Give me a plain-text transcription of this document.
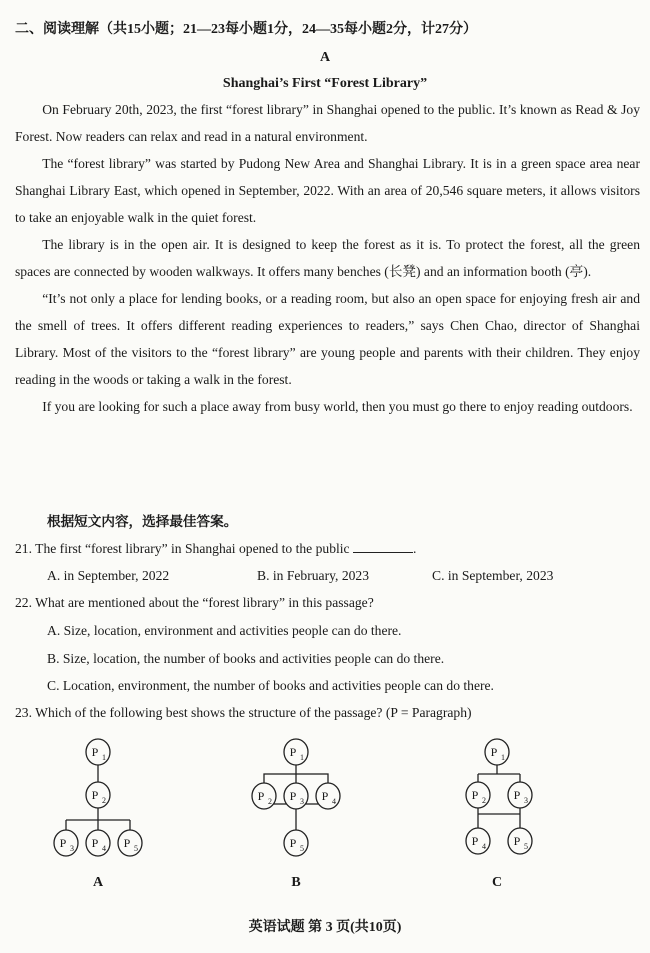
二、阅读理解（共15小题；21—23每小题1分，24—35每小题2分，计27分）
A
Shanghai’s First “Forest Library”

On February 20th, 2023, the first “forest library” in Shanghai opened to the public. It’s known as Read & Joy Forest. Now readers can relax and read in a natural environment.

The “forest library” was started by Pudong New Area and Shanghai Library. It is in a green space area near Shanghai Library East, which opened in September, 2022. With an area of 20,546 square meters, it allows visitors to take an enjoyable walk in the quiet forest.

The library is in the open air. It is designed to keep the forest as it is. To protect the forest, all the green spaces are connected by wooden walkways. It offers many benches (长凳) and an information booth (亭).

“It’s not only a place for lending books, or a reading room, but also an open space for enjoying fresh air and the smell of trees. It offers different reading experiences to readers,” says Chen Chao, director of Shanghai Library. Most of the visitors to the “forest library” are young people and parents with their children. They enjoy reading in the woods or taking a walk in the forest.

If you are looking for such a place away from busy world, then you must go there to enjoy reading outdoors.

根据短文内容，选择最佳答案。
21. The first “forest library” in Shanghai opened to the public	.
A. in September, 2022	B. in February, 2023	C. in September, 2023
22. What are mentioned about the “forest library” in this passage?
A. Size, location, environment and activities people can do there.
B. Size, location, the number of books and activities people can do there.
C. Location, environment, the number of books and activities people can do there.
23. Which of the following best shows the structure of the passage? (P = Paragraph)
P 1
P 2
P 3 P 4 P 5
P 1
P 2 P 3 P 4
P 5
P 1
P 2 P 3
P 4 P 5
A	B	C
英语试题 第 3 页(共10页)
